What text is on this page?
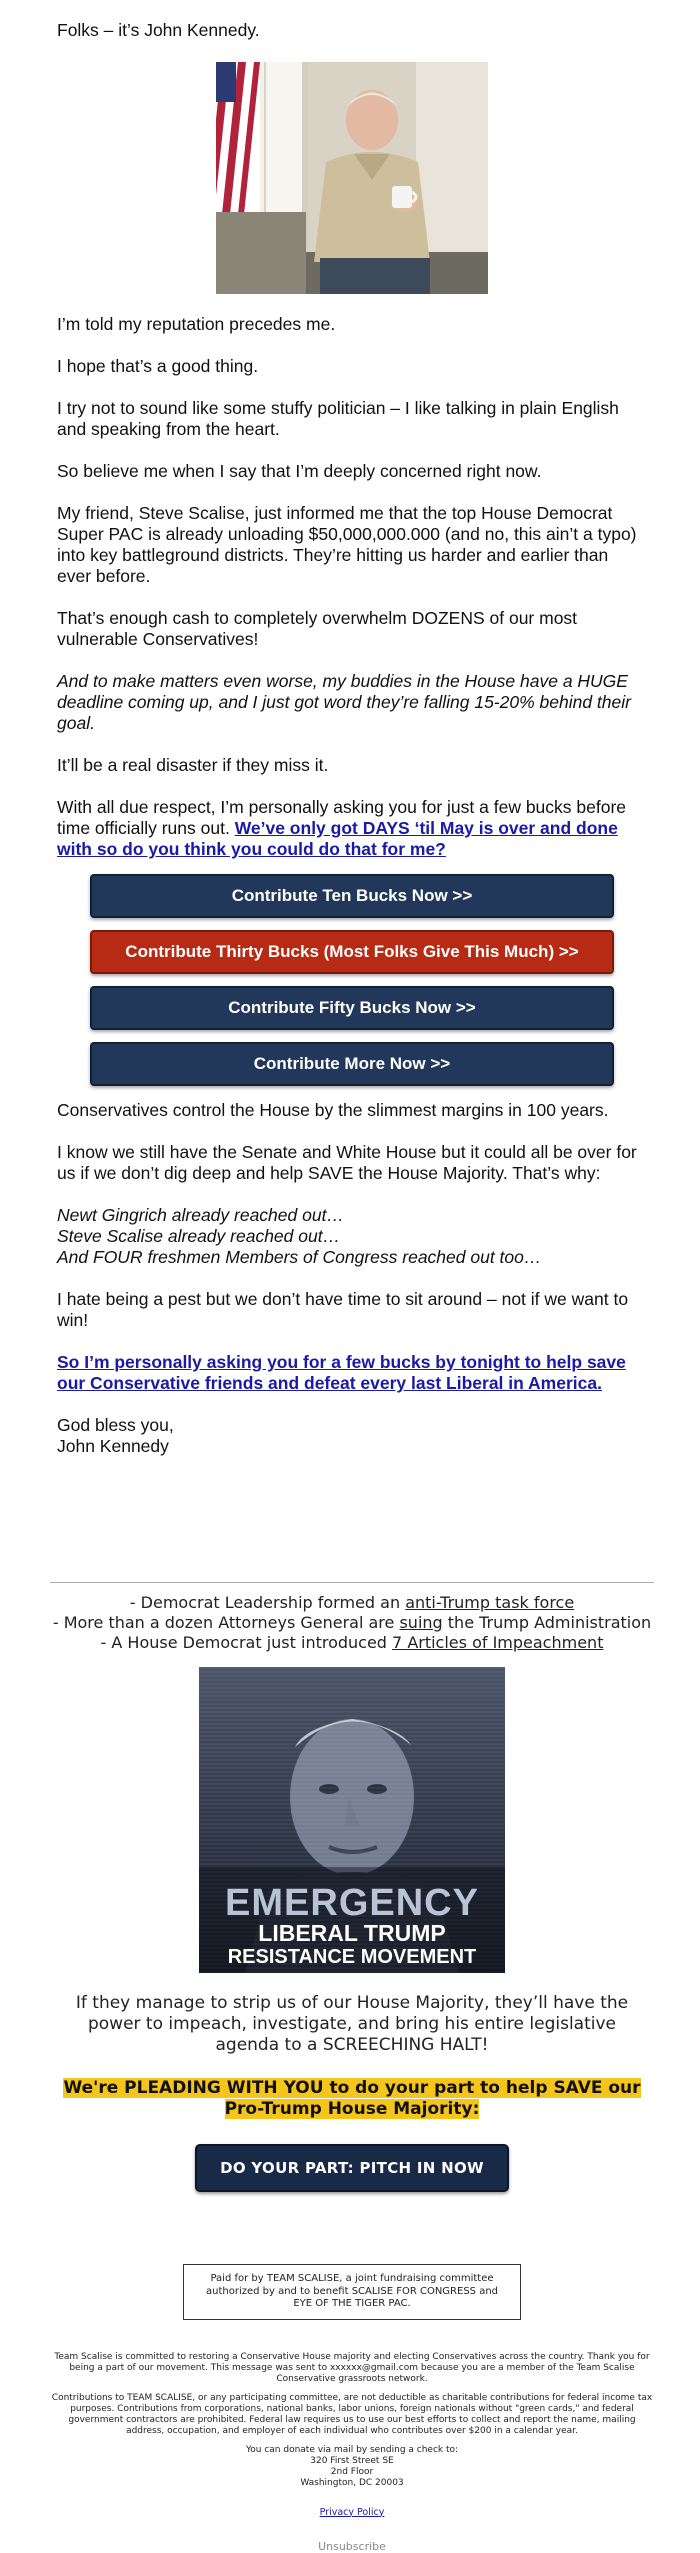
Folks – it’s John Kennedy.

I’m told my reputation precedes me.

I hope that’s a good thing.

I try not to sound like some stuffy politician – I like talking in plain English and speaking from the heart.

So believe me when I say that I’m deeply concerned right now.

My friend, Steve Scalise, just informed me that the top House Democrat Super PAC is already unloading $50,000,000.000 (and no, this ain’t a typo) into key battleground districts. They’re hitting us harder and earlier than ever before.

That’s enough cash to completely overwhelm DOZENS of our most vulnerable Conservatives!

And to make matters even worse, my buddies in the House have a HUGE deadline coming up, and I just got word they’re falling 15-20% behind their goal.

It’ll be a real disaster if they miss it.

With all due respect, I’m personally asking you for just a few bucks before time officially runs out. We’ve only got DAYS ‘til May is over and done with so do you think you could do that for me?

Contribute Ten Bucks Now >>
Contribute Thirty Bucks (Most Folks Give This Much) >>
Contribute Fifty Bucks Now >>
Contribute More Now >>

Conservatives control the House by the slimmest margins in 100 years.

I know we still have the Senate and White House but it could all be over for us if we don’t dig deep and help SAVE the House Majority. That’s why:

Newt Gingrich already reached out…
Steve Scalise already reached out…
And FOUR freshmen Members of Congress reached out too…

I hate being a pest but we don’t have time to sit around – not if we want to win!

So I’m personally asking you for a few bucks by tonight to help save our Conservative friends and defeat every last Liberal in America.

God bless you,

John Kennedy

- Democrat Leadership formed an anti-Trump task force
- More than a dozen Attorneys General are suing the Trump Administration
- A House Democrat just introduced 7 Articles of Impeachment
EMERGENCY
LIBERAL TRUMP
RESISTANCE MOVEMENT
If they manage to strip us of our House Majority, they’ll have the power to impeach, investigate, and bring his entire legislative agenda to a SCREECHING HALT!
We're PLEADING WITH YOU to do your part to help SAVE our Pro-Trump House Majority:
DO YOUR PART: PITCH IN NOW
Paid for by TEAM SCALISE, a joint fundraising committee authorized by and to benefit SCALISE FOR CONGRESS and EYE OF THE TIGER PAC.

Team Scalise is committed to restoring a Conservative House majority and electing Conservatives across the country. Thank you for being a part of our movement. This message was sent to xxxxxx@gmail.com because you are a member of the Team Scalise Conservative grassroots network.

Contributions to TEAM SCALISE, or any participating committee, are not deductible as charitable contributions for federal income tax purposes. Contributions from corporations, national banks, labor unions, foreign nationals without "green cards," and federal government contractors are prohibited. Federal law requires us to use our best efforts to collect and report the name, mailing address, occupation, and employer of each individual who contributes over $200 in a calendar year.

You can donate via mail by sending a check to:
320 First Street SE
2nd Floor
Washington, DC 20003
Privacy Policy
Unsubscribe
